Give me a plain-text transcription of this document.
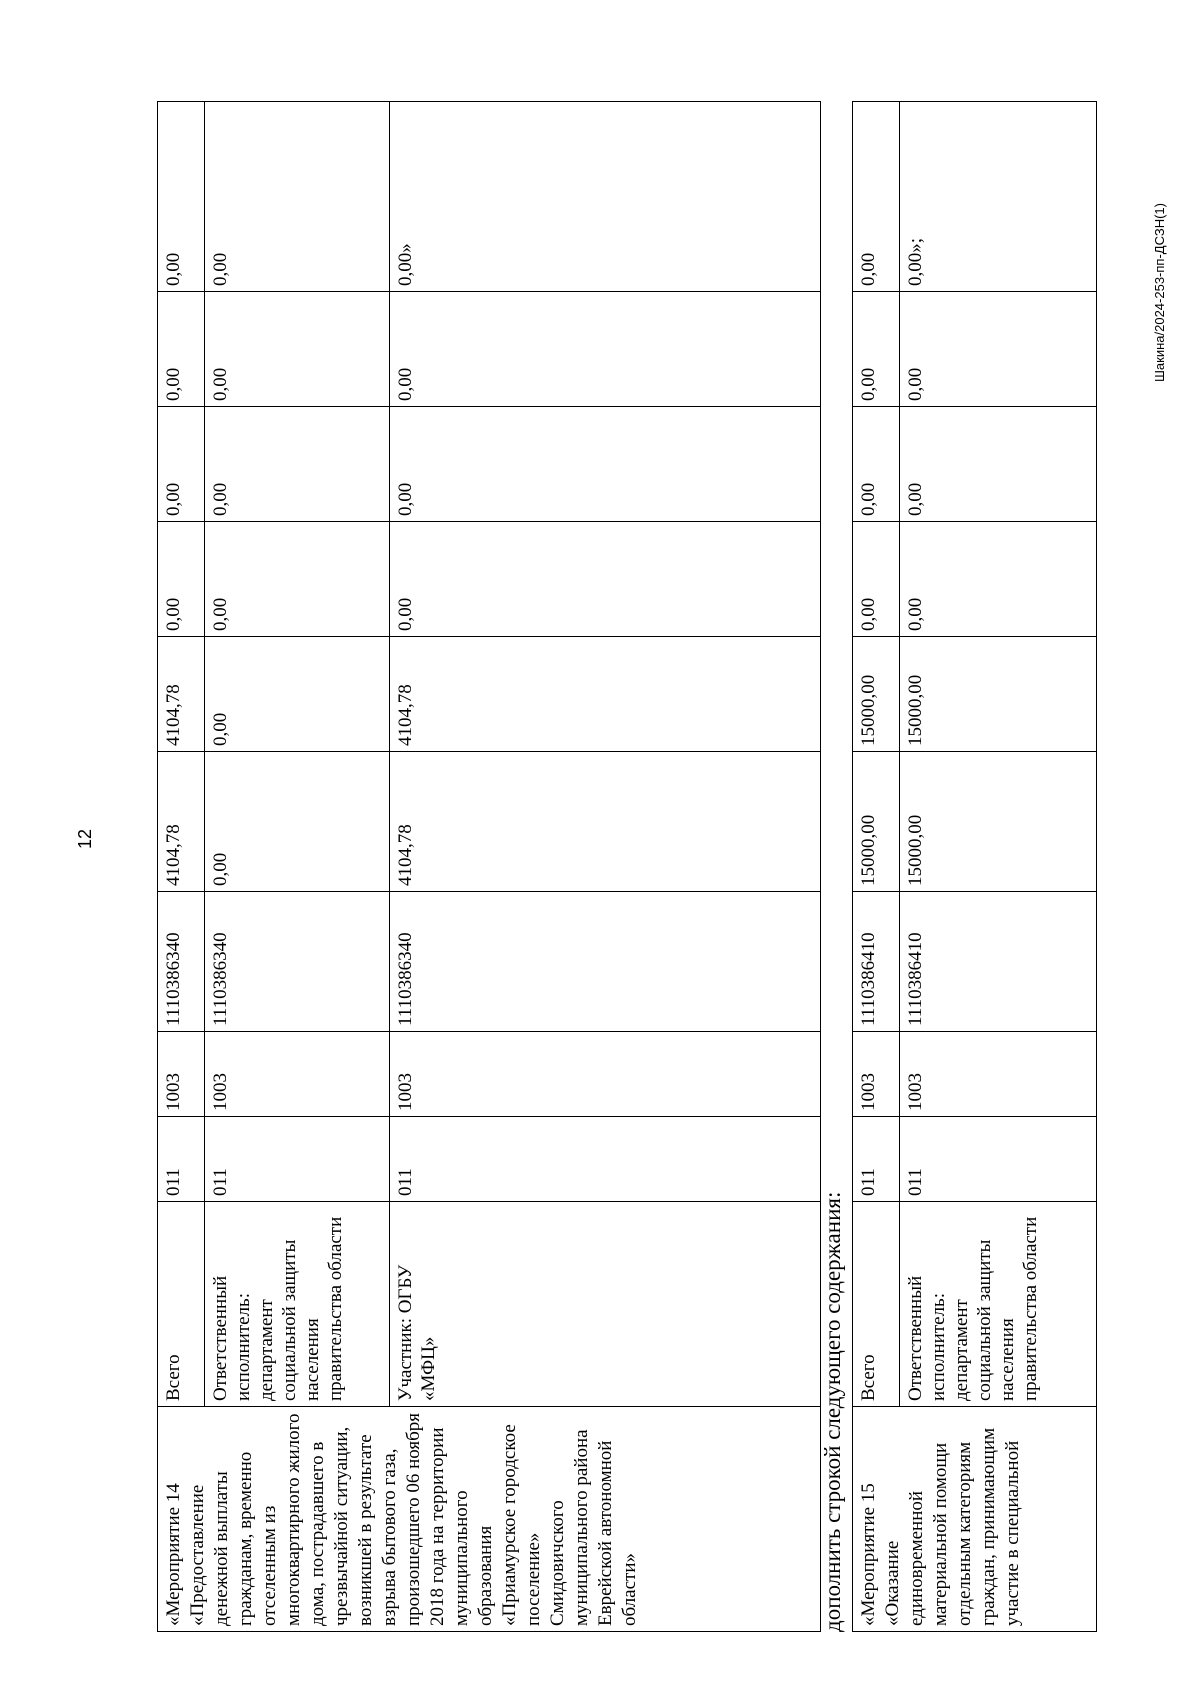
12
«Мероприятие 14 «Предоставление денежной выплаты гражданам, временно отселенным из многоквартирного жилого дома, пострадавшего в чрезвычайной ситуации, возникшей в результате взрыва бытового газа, произошедшего 06 ноября 2018 года на территории муниципального образования «Приамурское городское поселение» Смидовичского муниципального района Еврейской автономной области»	Всего	011	1003	1110386340	4104,78	4104,78	0,00	0,00	0,00	0,00
	Ответственный исполнитель: департамент социальной защиты населения правительства области	011	1003	1110386340	0,00	0,00	0,00	0,00	0,00	0,00
	Участник: ОГБУ «МФЦ»	011	1003	1110386340	4104,78	4104,78	0,00	0,00	0,00	0,00»
дополнить строкой следующего содержания: «Мероприятие 15 «Оказание единовременной материальной помощи отдельным категориям граждан, принимающим участие в специальной	Всего	011	1003	1110386410	15000,00	15000,00	0,00	0,00	0,00	0,00
	Ответственный исполнитель: департамент социальной защиты населения правительства области	011	1003	1110386410	15000,00	15000,00	0,00	0,00	0,00	0,00»;	Шакина/2024-253-пп-ДСЗН(1)
